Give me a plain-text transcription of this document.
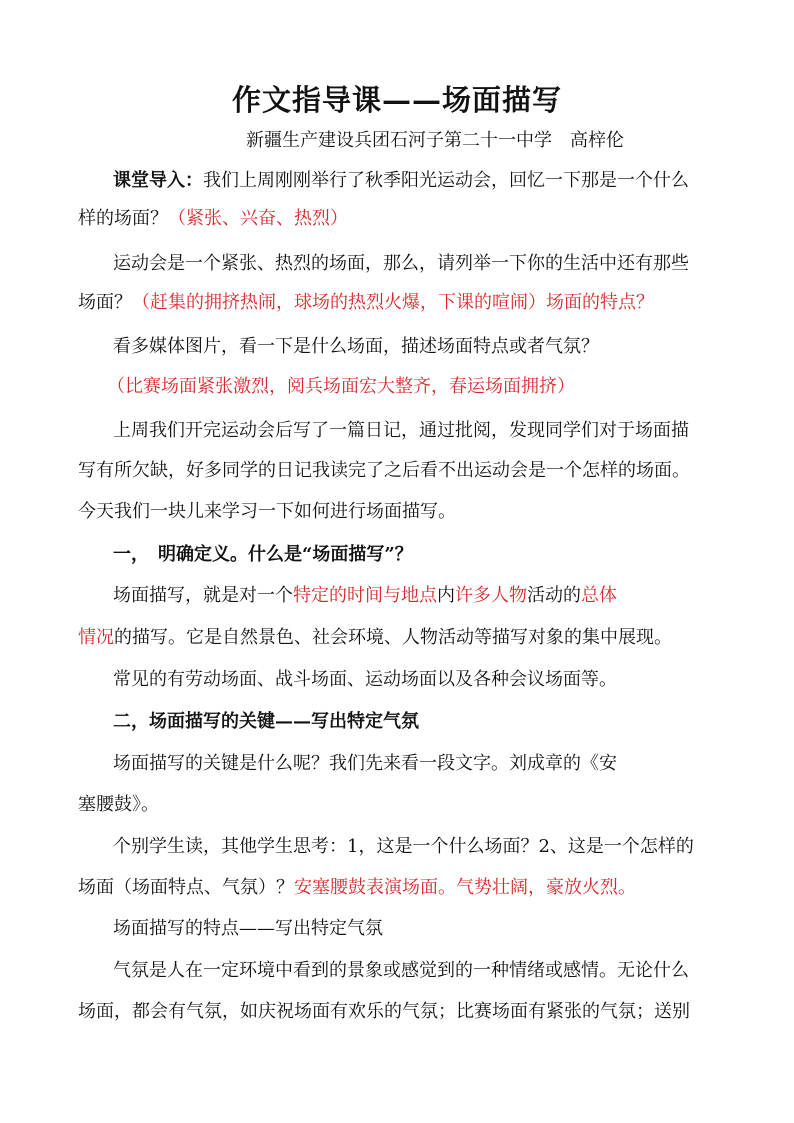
作文指导课——场面描写
新疆生产建设兵团石河子第二十一中学　高梓伦
课堂导入：我们上周刚刚举行了秋季阳光运动会，回忆一下那是一个什么
样的场面？（紧张、兴奋、热烈）
运动会是一个紧张、热烈的场面，那么，请列举一下你的生活中还有那些
场面？（赶集的拥挤热闹，球场的热烈火爆，下课的喧闹）场面的特点？
看多媒体图片，看一下是什么场面，描述场面特点或者气氛？
（比赛场面紧张激烈，阅兵场面宏大整齐，春运场面拥挤）
上周我们开完运动会后写了一篇日记，通过批阅，发现同学们对于场面描
写有所欠缺，好多同学的日记我读完了之后看不出运动会是一个怎样的场面。
今天我们一块儿来学习一下如何进行场面描写。
一，　明确定义。什么是“场面描写”？
场面描写，就是对一个特定的时间与地点内许多人物活动的总体
情况的描写。它是自然景色、社会环境、人物活动等描写对象的集中展现。
常见的有劳动场面、战斗场面、运动场面以及各种会议场面等。
二，场面描写的关键——写出特定气氛
场面描写的关键是什么呢？我们先来看一段文字。刘成章的《安
塞腰鼓》。
个别学生读，其他学生思考：1，这是一个什么场面？2、这是一个怎样的
场面（场面特点、气氛）？安塞腰鼓表演场面。气势壮阔，豪放火烈。
场面描写的特点——写出特定气氛
气氛是人在一定环境中看到的景象或感觉到的一种情绪或感情。无论什么
场面，都会有气氛，如庆祝场面有欢乐的气氛；比赛场面有紧张的气氛；送别
